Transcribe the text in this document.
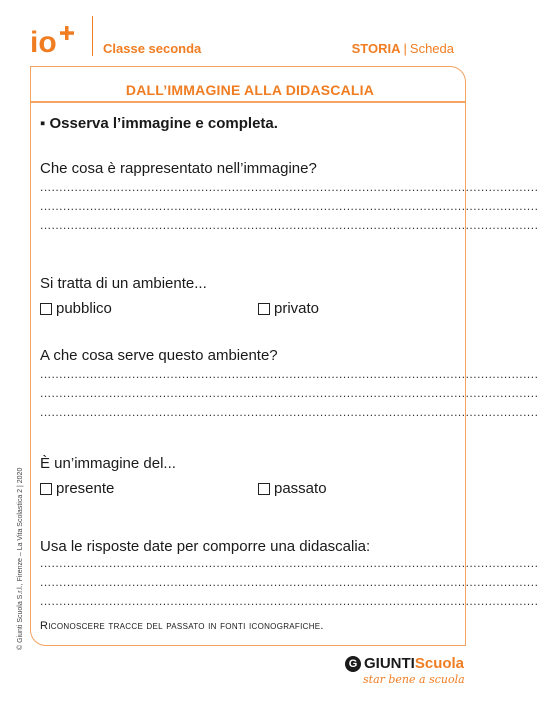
io	Classe seconda	STORIA | Scheda
DALL’IMMAGINE ALLA DIDASCALIA
▪ Osserva l’immagine e completa.
Che cosa è rappresentato nell’immagine?
..................................................................................................................................
..................................................................................................................................
..................................................................................................................................
Si tratta di un ambiente...
pubblico	privato
A che cosa serve questo ambiente?
..................................................................................................................................
..................................................................................................................................
..................................................................................................................................
È un’immagine del...
presente	passato
Usa le risposte date per comporre una didascalia:
..................................................................................................................................
..................................................................................................................................
..................................................................................................................................
Riconoscere tracce del passato in fonti iconografiche.
© Giunti Scuola S.r.l., Firenze – La Vita Scolastica 2 | 2020
G GIUNTI Scuola
star bene a scuola
